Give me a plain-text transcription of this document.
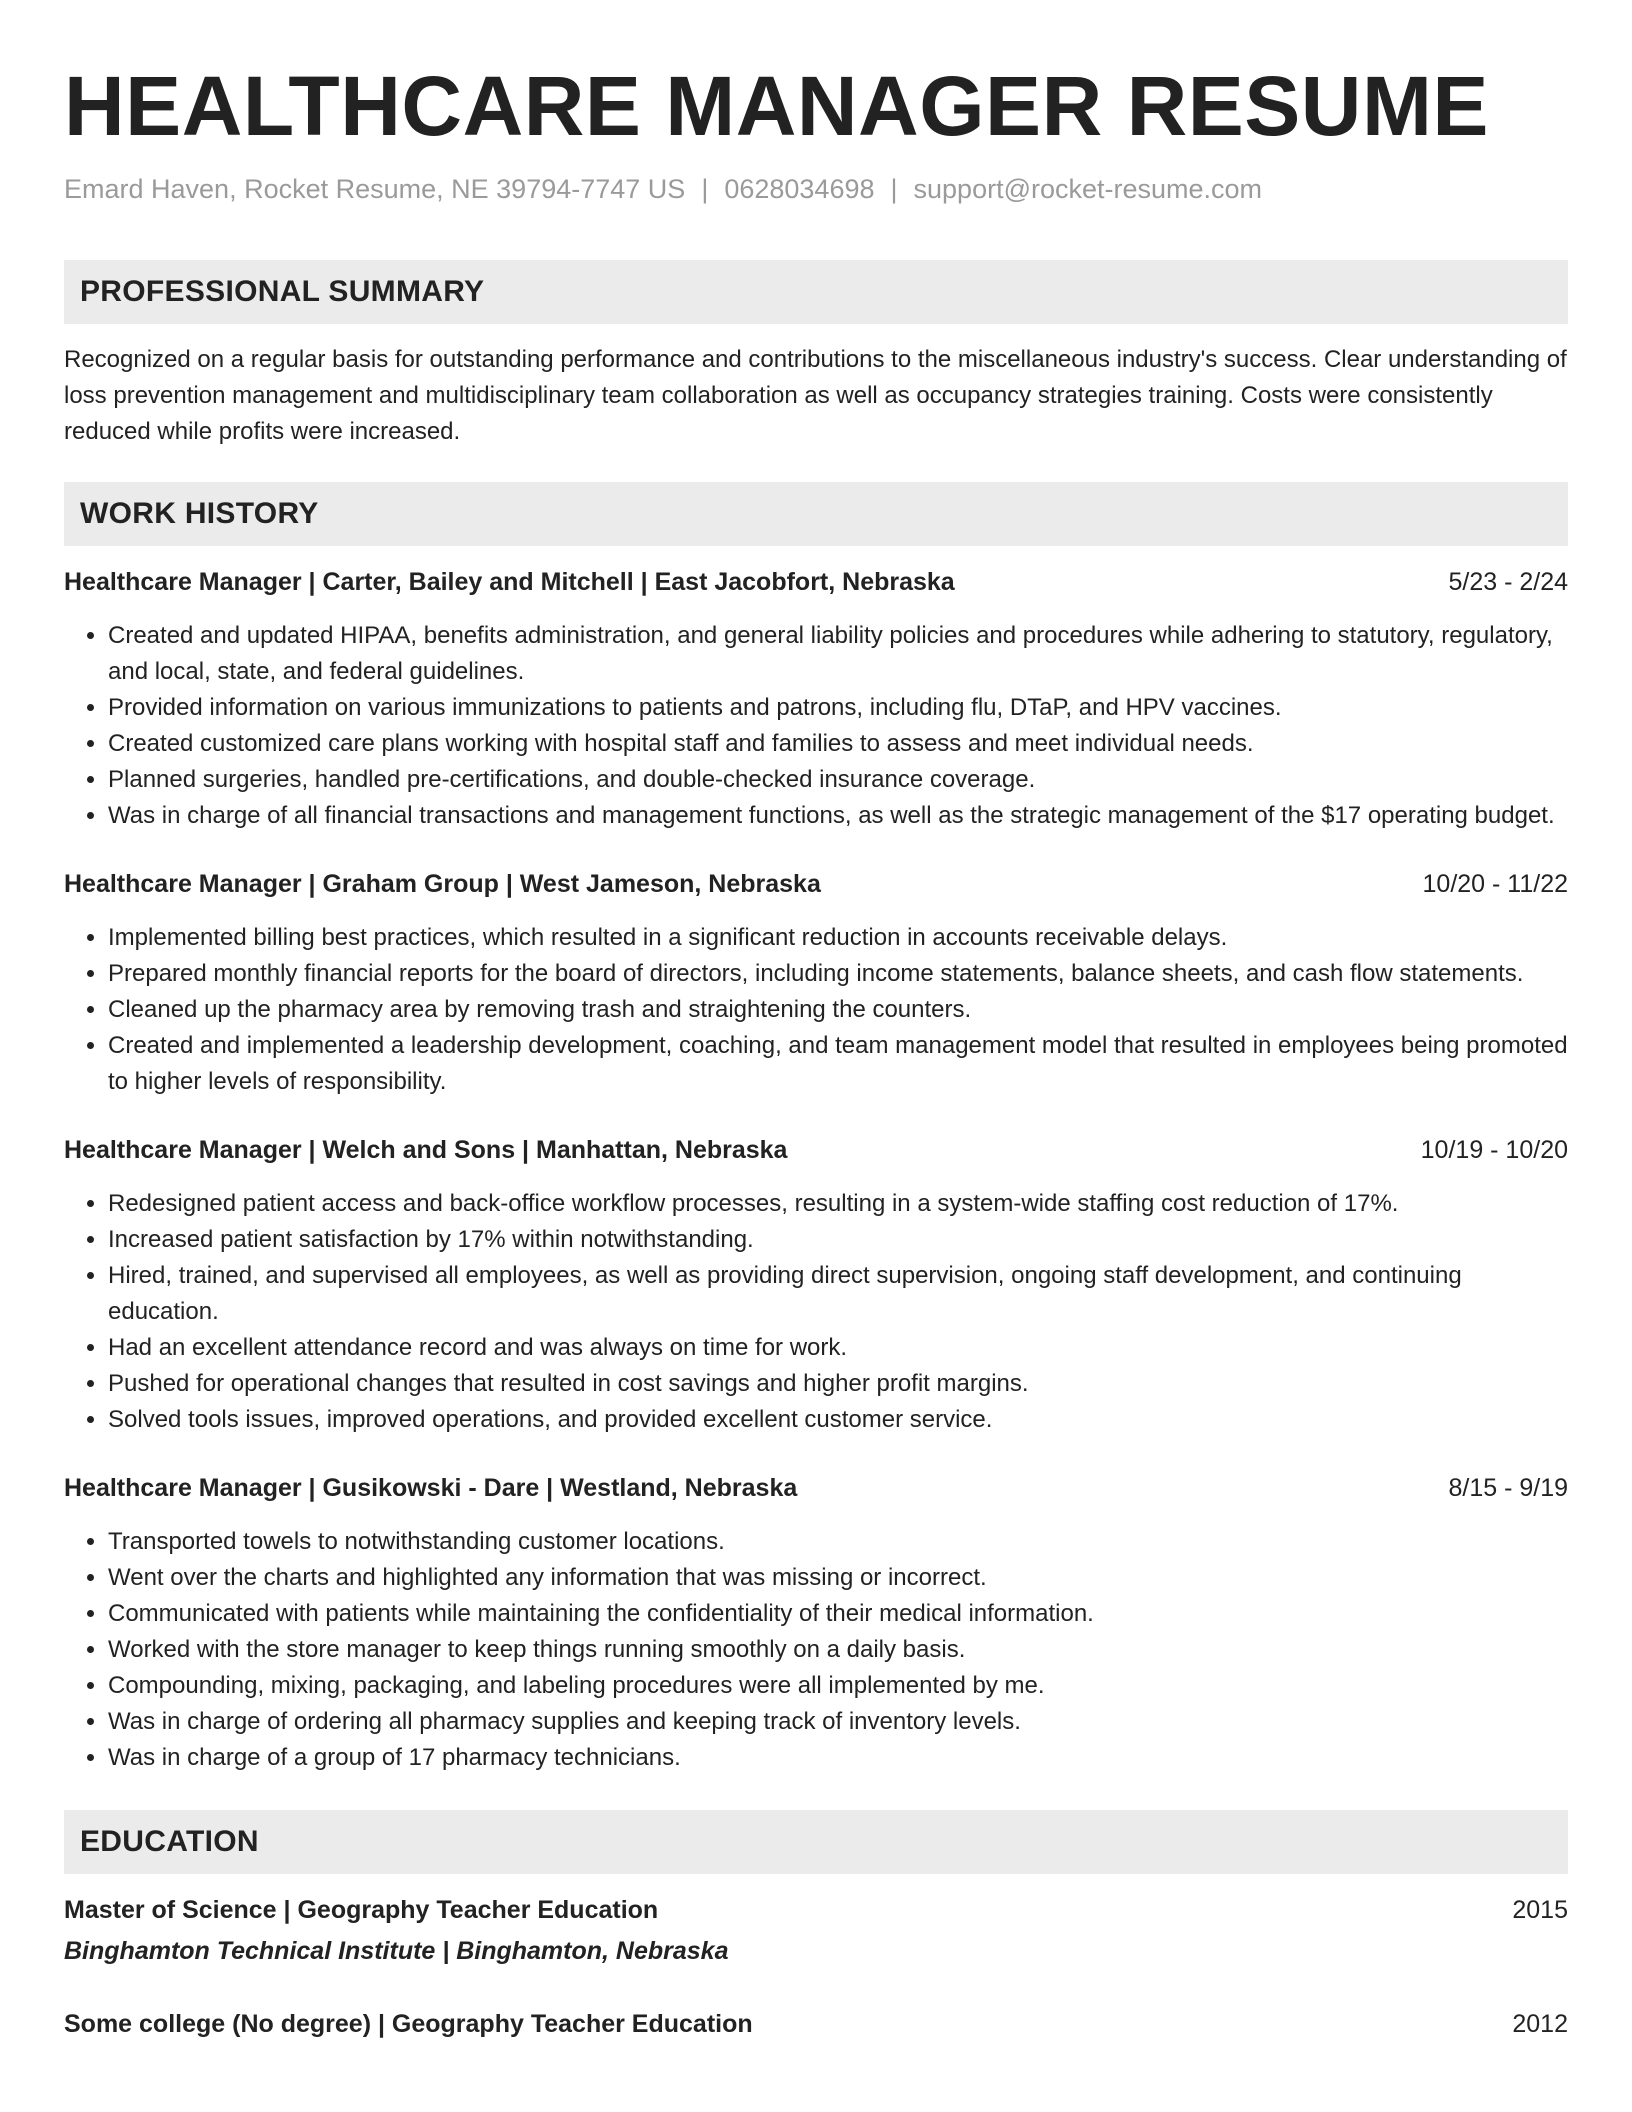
HEALTHCARE MANAGER RESUME
Emard Haven, Rocket Resume, NE 39794-7747 US | 0628034698 | support@rocket-resume.com
PROFESSIONAL SUMMARY
Recognized on a regular basis for outstanding performance and contributions to the miscellaneous industry's success. Clear understanding of loss prevention management and multidisciplinary team collaboration as well as occupancy strategies training. Costs were consistently reduced while profits were increased.
WORK HISTORY
Healthcare Manager | Carter, Bailey and Mitchell | East Jacobfort, Nebraska	5/23 - 2/24
• Created and updated HIPAA, benefits administration, and general liability policies and procedures while adhering to statutory, regulatory, and local, state, and federal guidelines.
• Provided information on various immunizations to patients and patrons, including flu, DTaP, and HPV vaccines.
• Created customized care plans working with hospital staff and families to assess and meet individual needs.
• Planned surgeries, handled pre-certifications, and double-checked insurance coverage.
• Was in charge of all financial transactions and management functions, as well as the strategic management of the $17 operating budget.
Healthcare Manager | Graham Group | West Jameson, Nebraska	10/20 - 11/22
• Implemented billing best practices, which resulted in a significant reduction in accounts receivable delays.
• Prepared monthly financial reports for the board of directors, including income statements, balance sheets, and cash flow statements.
• Cleaned up the pharmacy area by removing trash and straightening the counters.
• Created and implemented a leadership development, coaching, and team management model that resulted in employees being promoted to higher levels of responsibility.
Healthcare Manager | Welch and Sons | Manhattan, Nebraska	10/19 - 10/20
• Redesigned patient access and back-office workflow processes, resulting in a system-wide staffing cost reduction of 17%.
• Increased patient satisfaction by 17% within notwithstanding.
• Hired, trained, and supervised all employees, as well as providing direct supervision, ongoing staff development, and continuing education.
• Had an excellent attendance record and was always on time for work.
• Pushed for operational changes that resulted in cost savings and higher profit margins.
• Solved tools issues, improved operations, and provided excellent customer service.
Healthcare Manager | Gusikowski - Dare | Westland, Nebraska	8/15 - 9/19
• Transported towels to notwithstanding customer locations.
• Went over the charts and highlighted any information that was missing or incorrect.
• Communicated with patients while maintaining the confidentiality of their medical information.
• Worked with the store manager to keep things running smoothly on a daily basis.
• Compounding, mixing, packaging, and labeling procedures were all implemented by me.
• Was in charge of ordering all pharmacy supplies and keeping track of inventory levels.
• Was in charge of a group of 17 pharmacy technicians.
EDUCATION
Master of Science | Geography Teacher Education	2015
Binghamton Technical Institute | Binghamton, Nebraska
Some college (No degree) | Geography Teacher Education	2012
